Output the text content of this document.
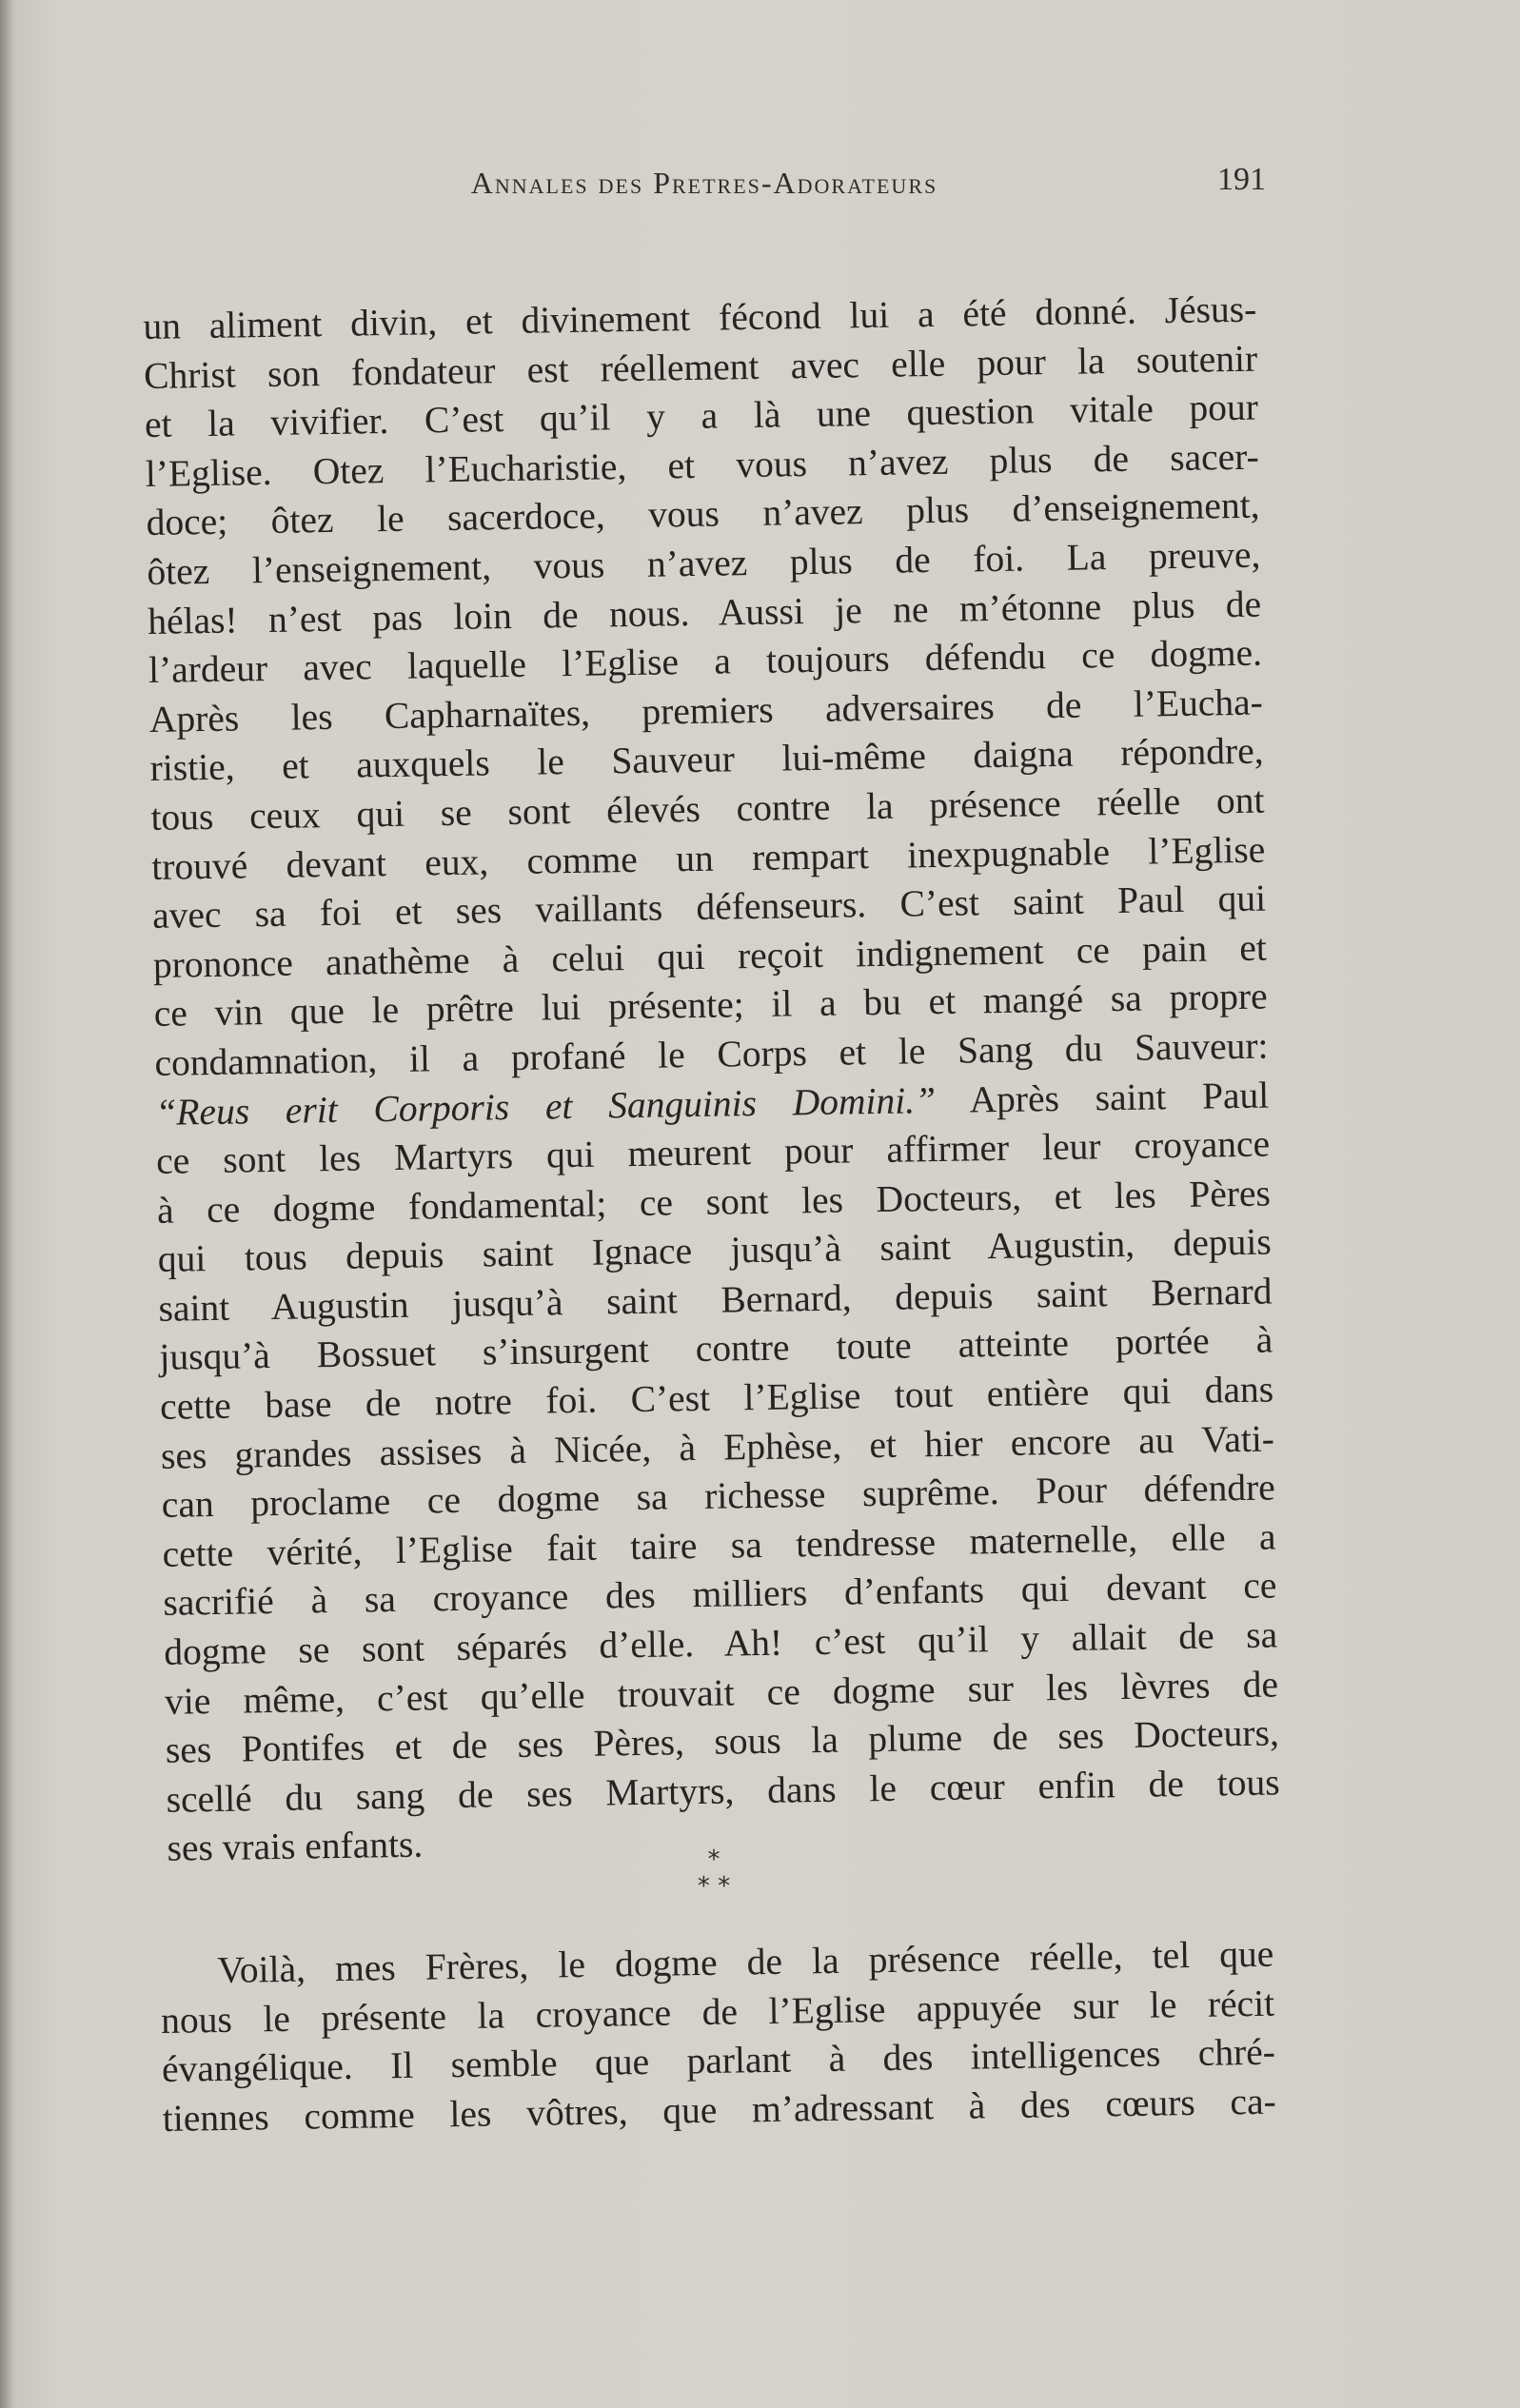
Annales des Pretres-Adorateurs	191
un aliment divin, et divinement fécond lui a été donné. Jésus-
Christ son fondateur est réellement avec elle pour la soutenir
et la vivifier. C’est qu’il y a là une question vitale pour
l’Eglise. Otez l’Eucharistie, et vous n’avez plus de sacer-
doce; ôtez le sacerdoce, vous n’avez plus d’enseignement,
ôtez l’enseignement, vous n’avez plus de foi. La preuve,
hélas! n’est pas loin de nous. Aussi je ne m’étonne plus de
l’ardeur avec laquelle l’Eglise a toujours défendu ce dogme.
Après les Capharnaïtes, premiers adversaires de l’Eucha-
ristie, et auxquels le Sauveur lui-même daigna répondre,
tous ceux qui se sont élevés contre la présence réelle ont
trouvé devant eux, comme un rempart inexpugnable l’Eglise
avec sa foi et ses vaillants défenseurs. C’est saint Paul qui
prononce anathème à celui qui reçoit indignement ce pain et
ce vin que le prêtre lui présente; il a bu et mangé sa propre
condamnation, il a profané le Corps et le Sang du Sauveur:
“Reus erit Corporis et Sanguinis Domini.” Après saint Paul
ce sont les Martyrs qui meurent pour affirmer leur croyance
à ce dogme fondamental; ce sont les Docteurs, et les Pères
qui tous depuis saint Ignace jusqu’à saint Augustin, depuis
saint Augustin jusqu’à saint Bernard, depuis saint Bernard
jusqu’à Bossuet s’insurgent contre toute atteinte portée à
cette base de notre foi. C’est l’Eglise tout entière qui dans
ses grandes assises à Nicée, à Ephèse, et hier encore au Vati-
can proclame ce dogme sa richesse suprême. Pour défendre
cette vérité, l’Eglise fait taire sa tendresse maternelle, elle a
sacrifié à sa croyance des milliers d’enfants qui devant ce
dogme se sont séparés d’elle. Ah! c’est qu’il y allait de sa
vie même, c’est qu’elle trouvait ce dogme sur les lèvres de
ses Pontifes et de ses Pères, sous la plume de ses Docteurs,
scellé du sang de ses Martyrs, dans le cœur enfin de tous
ses vrais enfants.	*
* *
Voilà, mes Frères, le dogme de la présence réelle, tel que
nous le présente la croyance de l’Eglise appuyée sur le récit
évangélique. Il semble que parlant à des intelligences chré-
tiennes comme les vôtres, que m’adressant à des cœurs ca-
